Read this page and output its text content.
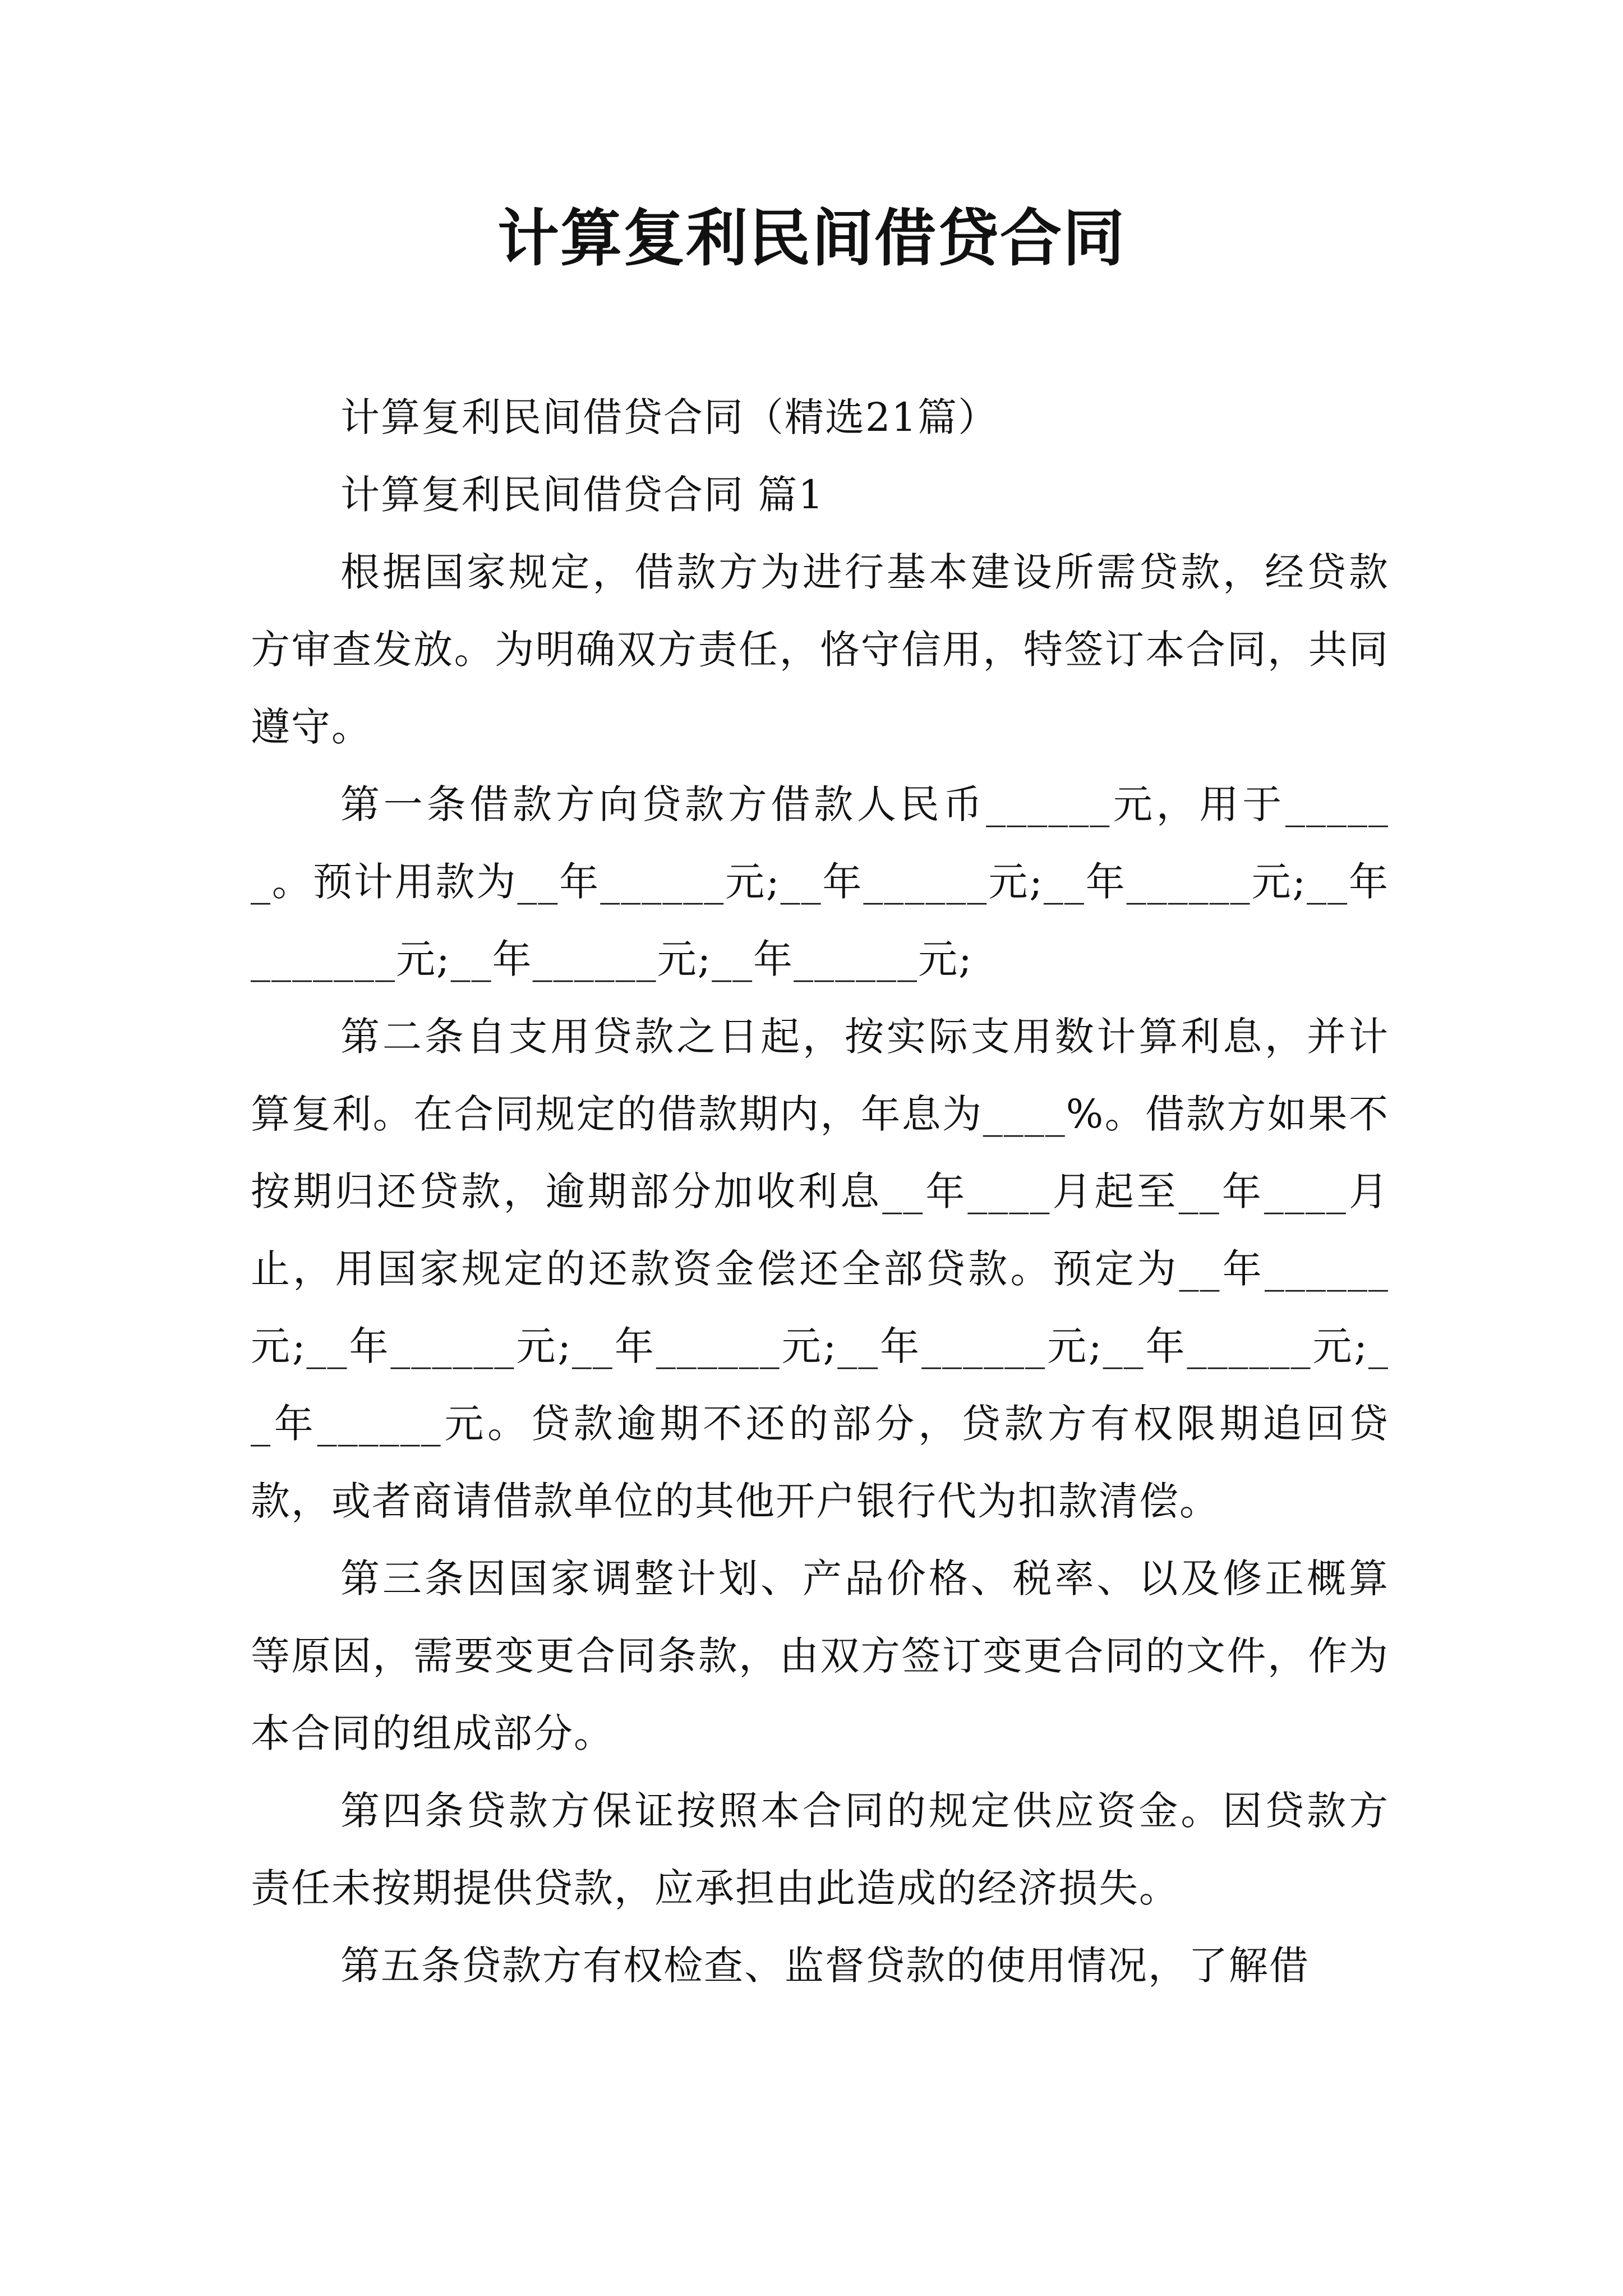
计算复利民间借贷合同

计算复利民间借贷合同（精选21篇）

计算复利民间借贷合同 篇1

根据国家规定，借款方为进行基本建设所需贷款，经贷款方审查发放。为明确双方责任，恪守信用，特签订本合同，共同遵守。

第一条借款方向贷款方借款人民币______元，用于______。预计用款为__年______元;__年______元;__年______元;__年_______元;__年______元;__年______元;

第二条自支用贷款之日起，按实际支用数计算利息，并计算复利。在合同规定的借款期内，年息为____%。借款方如果不按期归还贷款，逾期部分加收利息__年____月起至__年____月止，用国家规定的还款资金偿还全部贷款。预定为__年______元;__年______元;__年______元;__年______元;__年______元;__年______元。贷款逾期不还的部分，贷款方有权限期追回贷款，或者商请借款单位的其他开户银行代为扣款清偿。

第三条因国家调整计划、产品价格、税率、以及修正概算等原因，需要变更合同条款，由双方签订变更合同的文件，作为本合同的组成部分。

第四条贷款方保证按照本合同的规定供应资金。因贷款方责任未按期提供贷款，应承担由此造成的经济损失。

第五条贷款方有权检查、监督贷款的使用情况，了解借
